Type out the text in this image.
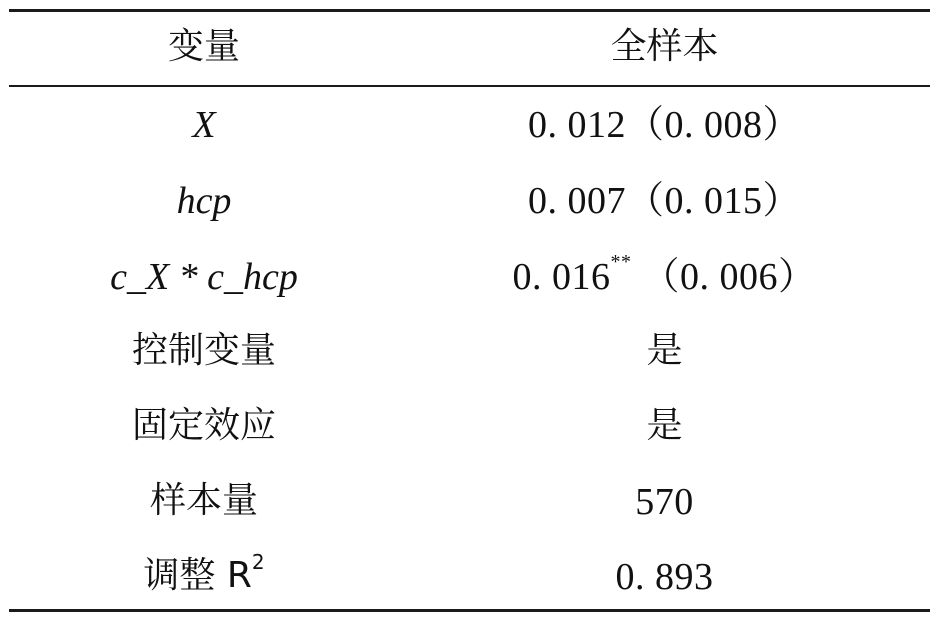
变量	全样本
X	0. 012（0. 008）
hcp	0. 007（0. 015）
c_X * c_hcp	0. 016** （0. 006）
控制变量	是
固定效应	是
样本量	570
调整 $R^2$	0. 893
